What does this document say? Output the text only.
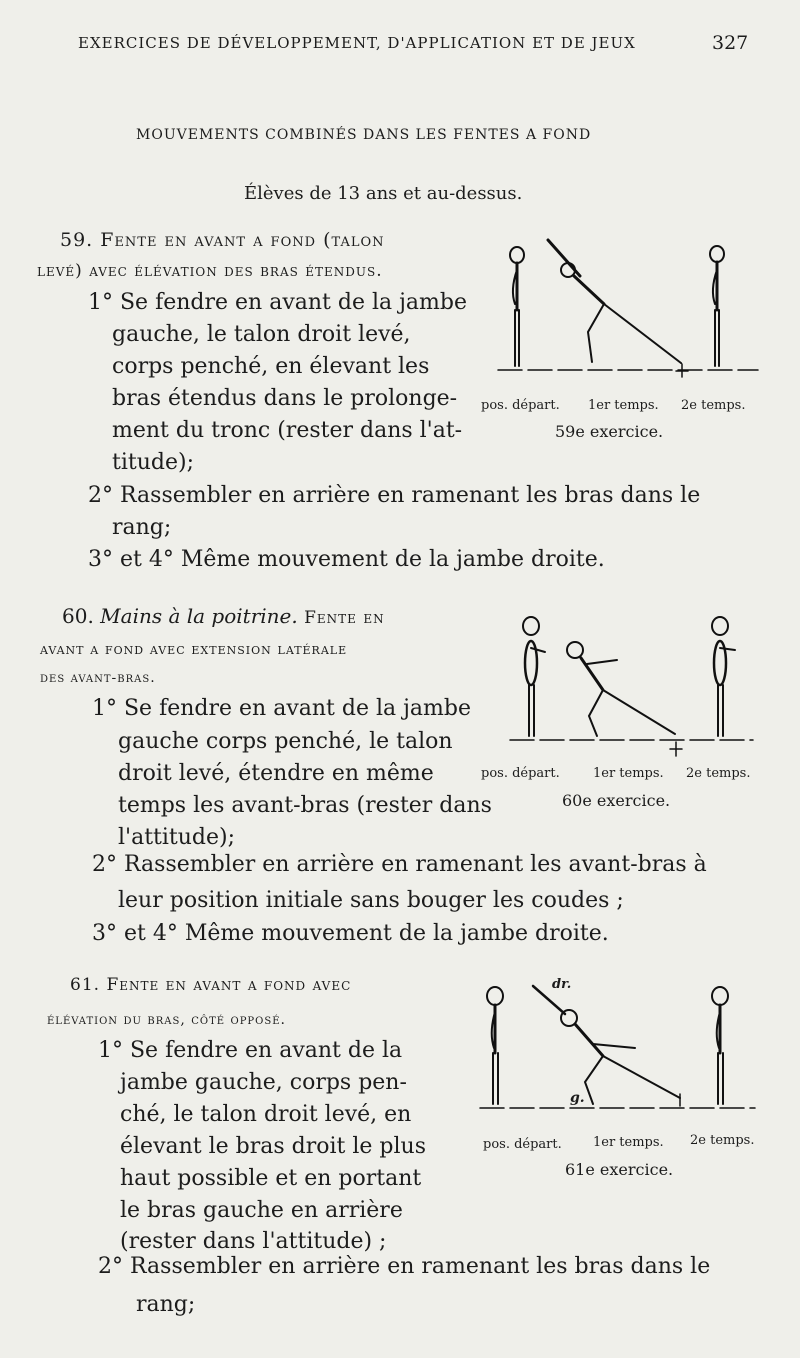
EXERCICES DE DÉVELOPPEMENT, D'APPLICATION ET DE JEUX	327
MOUVEMENTS COMBINÉS DANS LES FENTES A FOND
Élèves de 13 ans et au-dessus.
59. Fente en avant a fond (talon
levé) avec élévation des bras étendus.
1° Se fendre en avant de la jambe
gauche, le talon droit levé,
corps penché, en élevant les
bras étendus dans le prolonge-
ment du tronc (rester dans l'at-
titude);
2° Rassembler en arrière en ramenant les bras dans le
rang;
3° et 4° Même mouvement de la jambe droite.
pos. départ. 1er temps. 2e temps.
59e exercice.
60. Mains à la poitrine. Fente en
avant a fond avec extension latérale
des avant-bras.
1° Se fendre en avant de la jambe
gauche corps penché, le talon
droit levé, étendre en même
temps les avant-bras (rester dans
l'attitude);
2° Rassembler en arrière en ramenant les avant-bras à
leur position initiale sans bouger les coudes ;
3° et 4° Même mouvement de la jambe droite.
pos. départ.	1er temps. 2e temps.
60e exercice.
61. Fente en avant a fond avec
élévation du bras, côté opposé.
1° Se fendre en avant de la
jambe gauche, corps pen-
ché, le talon droit levé, en
élevant le bras droit le plus
haut possible et en portant
le bras gauche en arrière
(rester dans l'attitude) ;
2° Rassembler en arrière en ramenant les bras dans le
rang;
dr.
g.
pos. départ. 1er temps. 2e temps.
61e exercice.
